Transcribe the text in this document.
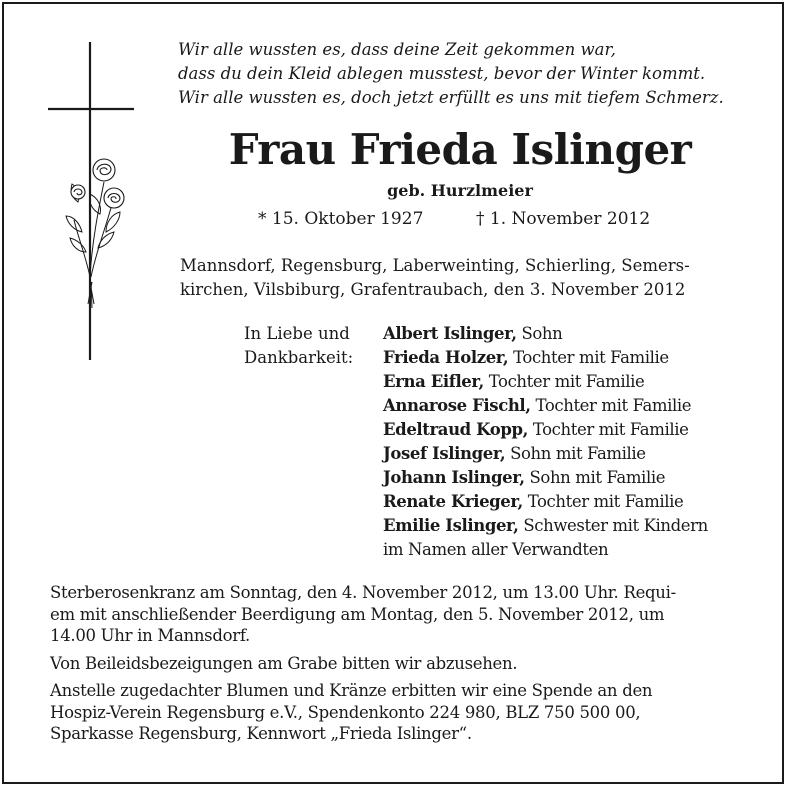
Wir alle wussten es, dass deine Zeit gekommen war,
dass du dein Kleid ablegen musstest, bevor der Winter kommt.
Wir alle wussten es, doch jetzt erfüllt es uns mit tiefem Schmerz.
Frau Frieda Islinger
geb. Hurzlmeier
* 15. Oktober 1927	† 1. November 2012
Mannsdorf, Regensburg, Laberweinting, Schierling, Semers-
kirchen, Vilsbiburg, Grafentraubach, den 3. November 2012
In Liebe und
Dankbarkeit:
Albert Islinger, Sohn
Frieda Holzer, Tochter mit Familie
Erna Eifler, Tochter mit Familie
Annarose Fischl, Tochter mit Familie
Edeltraud Kopp, Tochter mit Familie
Josef Islinger, Sohn mit Familie
Johann Islinger, Sohn mit Familie
Renate Krieger, Tochter mit Familie
Emilie Islinger, Schwester mit Kindern
im Namen aller Verwandten

Sterberosenkranz am Sonntag, den 4. November 2012, um 13.00 Uhr. Requi-
em mit anschließender Beerdigung am Montag, den 5. November 2012, um
14.00 Uhr in Mannsdorf.

Von Beileidsbezeigungen am Grabe bitten wir abzusehen.

Anstelle zugedachter Blumen und Kränze erbitten wir eine Spende an den
Hospiz-Verein Regensburg e.V., Spendenkonto 224 980, BLZ 750 500 00,
Sparkasse Regensburg, Kennwort „Frieda Islinger“.
